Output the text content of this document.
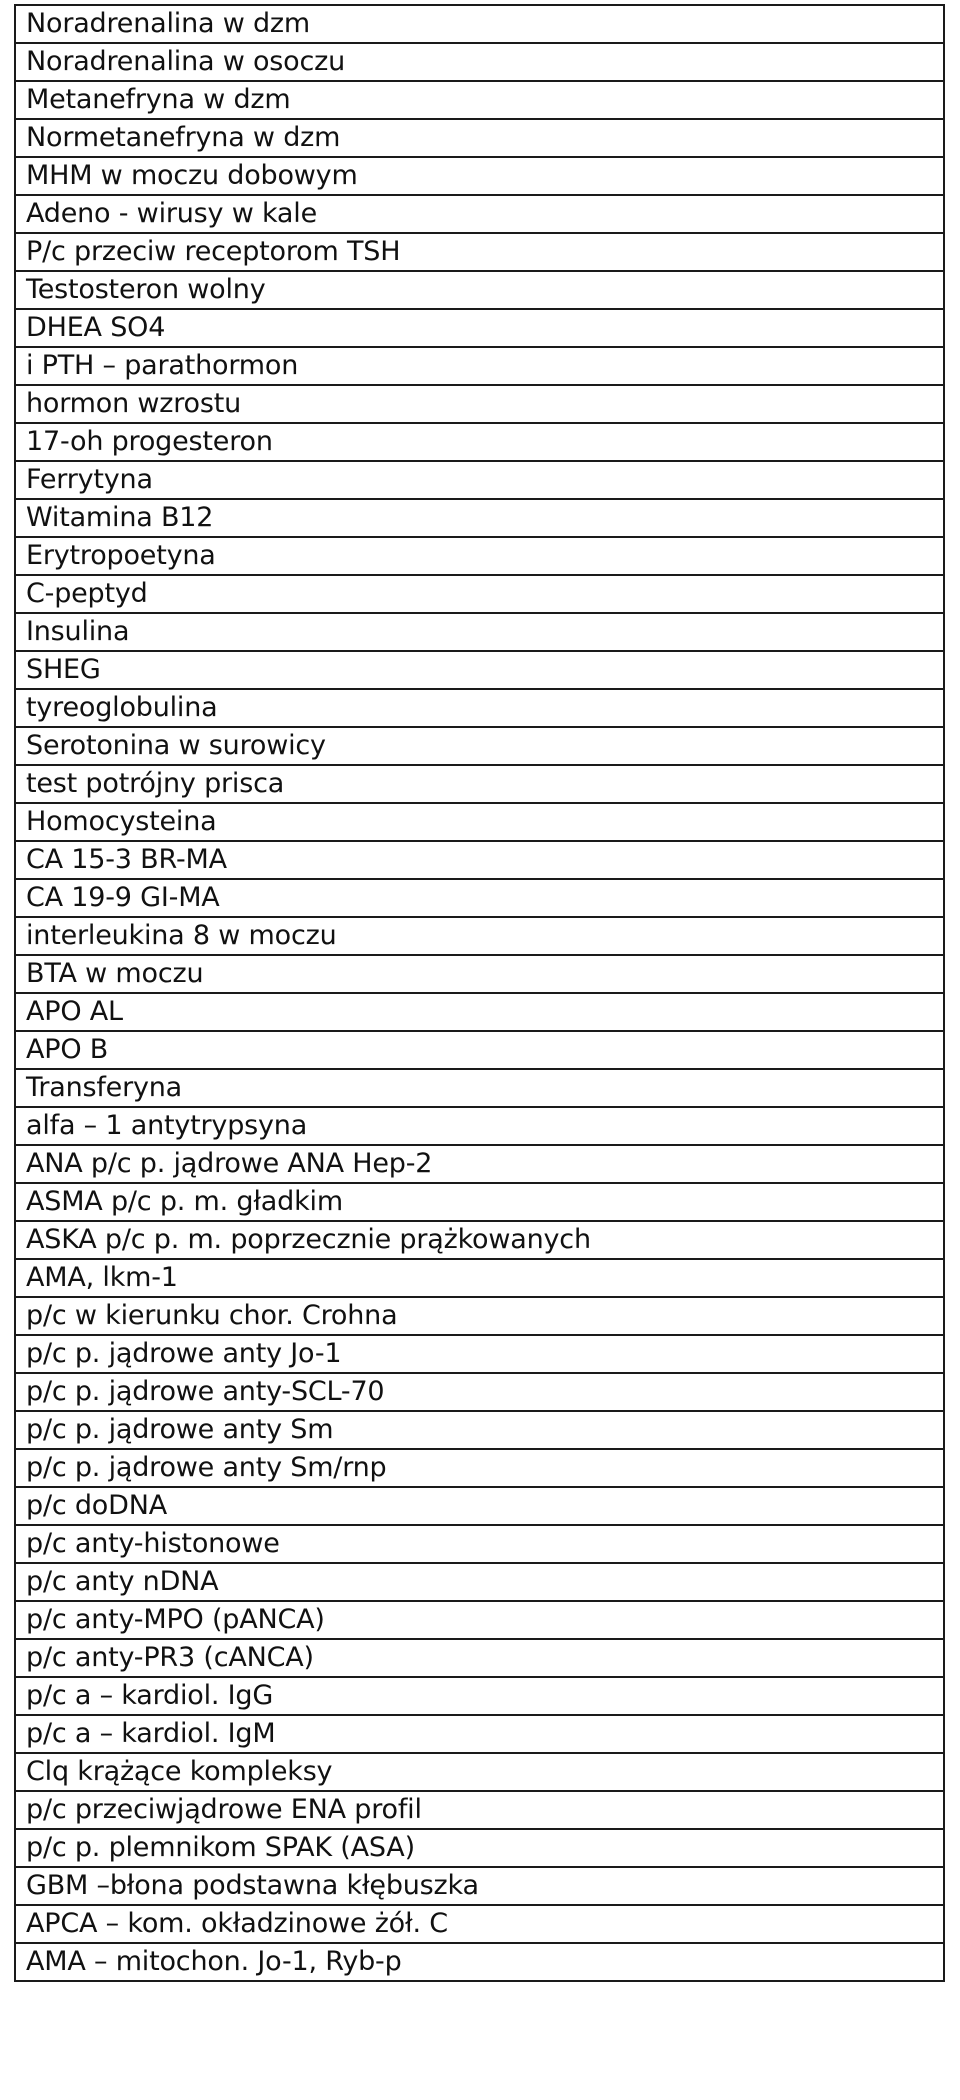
Noradrenalina w dzm
Noradrenalina w osoczu
Metanefryna w dzm
Normetanefryna w dzm
MHM w moczu dobowym
Adeno - wirusy w kale
P/c przeciw receptorom TSH
Testosteron wolny
DHEA SO4
i PTH – parathormon
hormon wzrostu
17-oh progesteron
Ferrytyna
Witamina B12
Erytropoetyna
C-peptyd
Insulina
SHEG
tyreoglobulina
Serotonina w surowicy
test potrójny prisca
Homocysteina
CA 15-3 BR-MA
CA 19-9 GI-MA
interleukina 8 w moczu
BTA w moczu
APO AL
APO B
Transferyna
alfa – 1 antytrypsyna
ANA p/c p. jądrowe ANA Hep-2
ASMA p/c p. m. gładkim
ASKA p/c p. m. poprzecznie prążkowanych
AMA, lkm-1
p/c w kierunku chor. Crohna
p/c p. jądrowe anty Jo-1
p/c p. jądrowe anty-SCL-70
p/c p. jądrowe anty Sm
p/c p. jądrowe anty Sm/rnp
p/c doDNA
p/c anty-histonowe
p/c anty nDNA
p/c anty-MPO (pANCA)
p/c anty-PR3 (cANCA)
p/c a – kardiol. IgG
p/c a – kardiol. IgM
Clq krążące kompleksy
p/c przeciwjądrowe ENA profil
p/c p. plemnikom SPAK (ASA)
GBM –błona podstawna kłębuszka
APCA – kom. okładzinowe żół. C
AMA – mitochon. Jo-1, Ryb-p
